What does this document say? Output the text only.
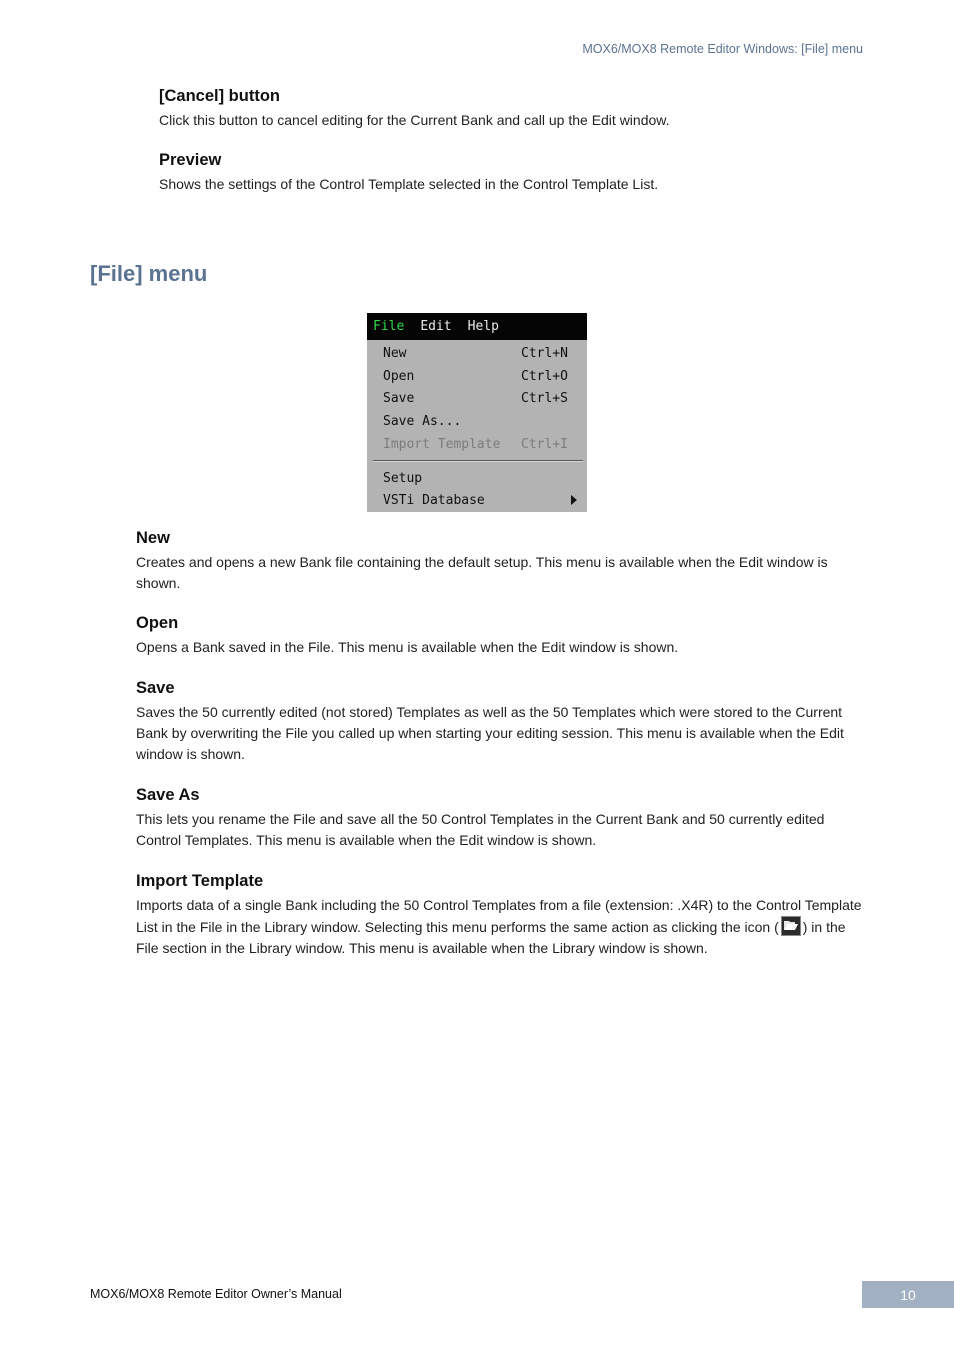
MOX6/MOX8 Remote Editor Windows: [File] menu
[Cancel] button

Click this button to cancel editing for the Current Bank and call up the Edit window.

Preview

Shows the settings of the Control Template selected in the Control Template List.

[File] menu
File Edit Help
New	Ctrl+N
Open	Ctrl+O
Save	Ctrl+S
Save As...
Import Template Ctrl+I
Setup
VSTi Database
New

Creates and opens a new Bank file containing the default setup. This menu is available when the Edit window is shown.

Open

Opens a Bank saved in the File. This menu is available when the Edit window is shown.

Save

Saves the 50 currently edited (not stored) Templates as well as the 50 Templates which were stored to the Current Bank by overwriting the File you called up when starting your editing session. This menu is available when the Edit window is shown.

Save As

This lets you rename the File and save all the 50 Control Templates in the Current Bank and 50 currently edited Control Templates. This menu is available when the Edit window is shown.

Import Template

Imports data of a single Bank including the 50 Control Templates from a file (extension: .X4R) to the Control Template List in the File in the Library window. Selecting this menu performs the same action as clicking the icon ( ) in the File section in the Library window. This menu is available when the Library window is shown.

MOX6/MOX8 Remote Editor Owner’s Manual	10
